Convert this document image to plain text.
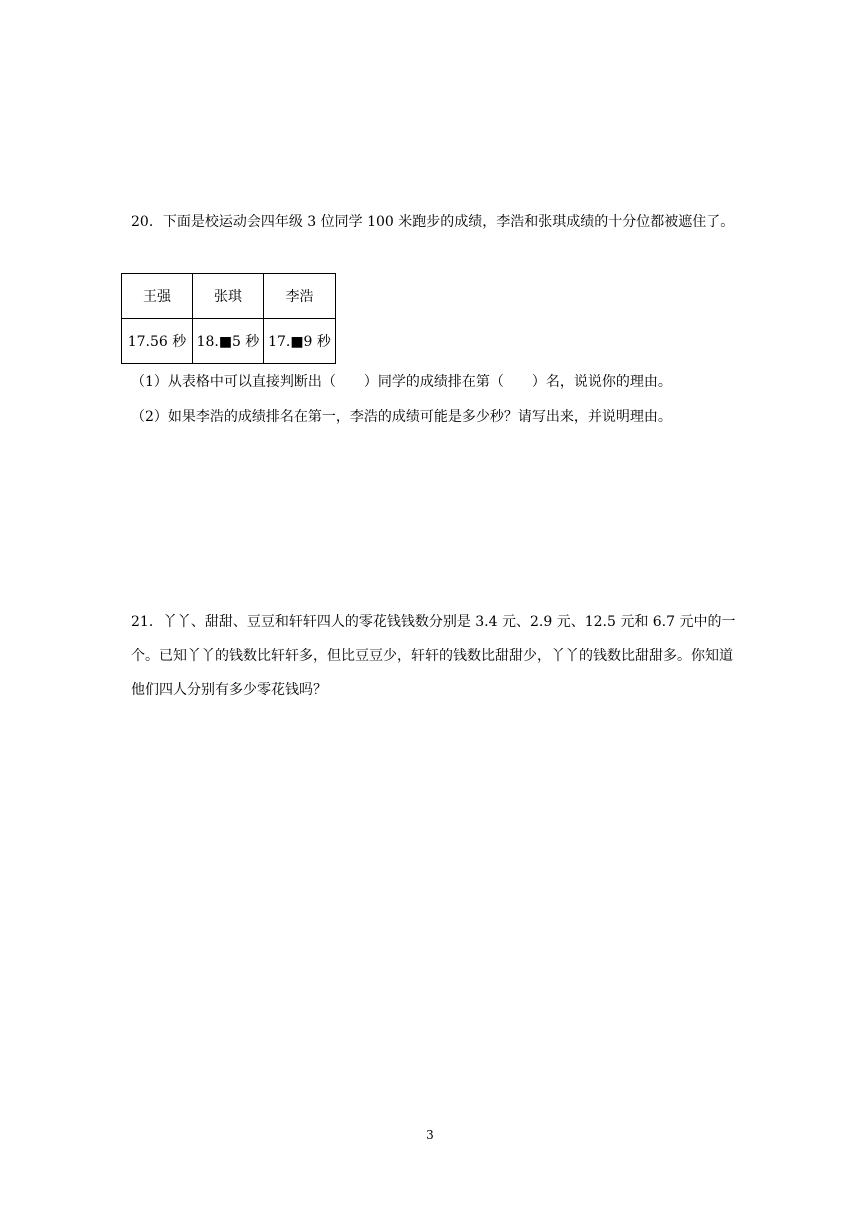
20．下面是校运动会四年级 3 位同学 100 米跑步的成绩，李浩和张琪成绩的十分位都被遮住了。

王强	张琪	李浩
17.56 秒	18.■5 秒	17.■9 秒

（1）从表格中可以直接判断出（　　）同学的成绩排在第（　　）名，说说你的理由。

（2）如果李浩的成绩排名在第一，李浩的成绩可能是多少秒？请写出来，并说明理由。

21．丫丫、甜甜、豆豆和轩轩四人的零花钱钱数分别是 3.4 元、2.9 元、12.5 元和 6.7 元中的一个。已知丫丫的钱数比轩轩多，但比豆豆少，轩轩的钱数比甜甜少，丫丫的钱数比甜甜多。你知道他们四人分别有多少零花钱吗？

3
